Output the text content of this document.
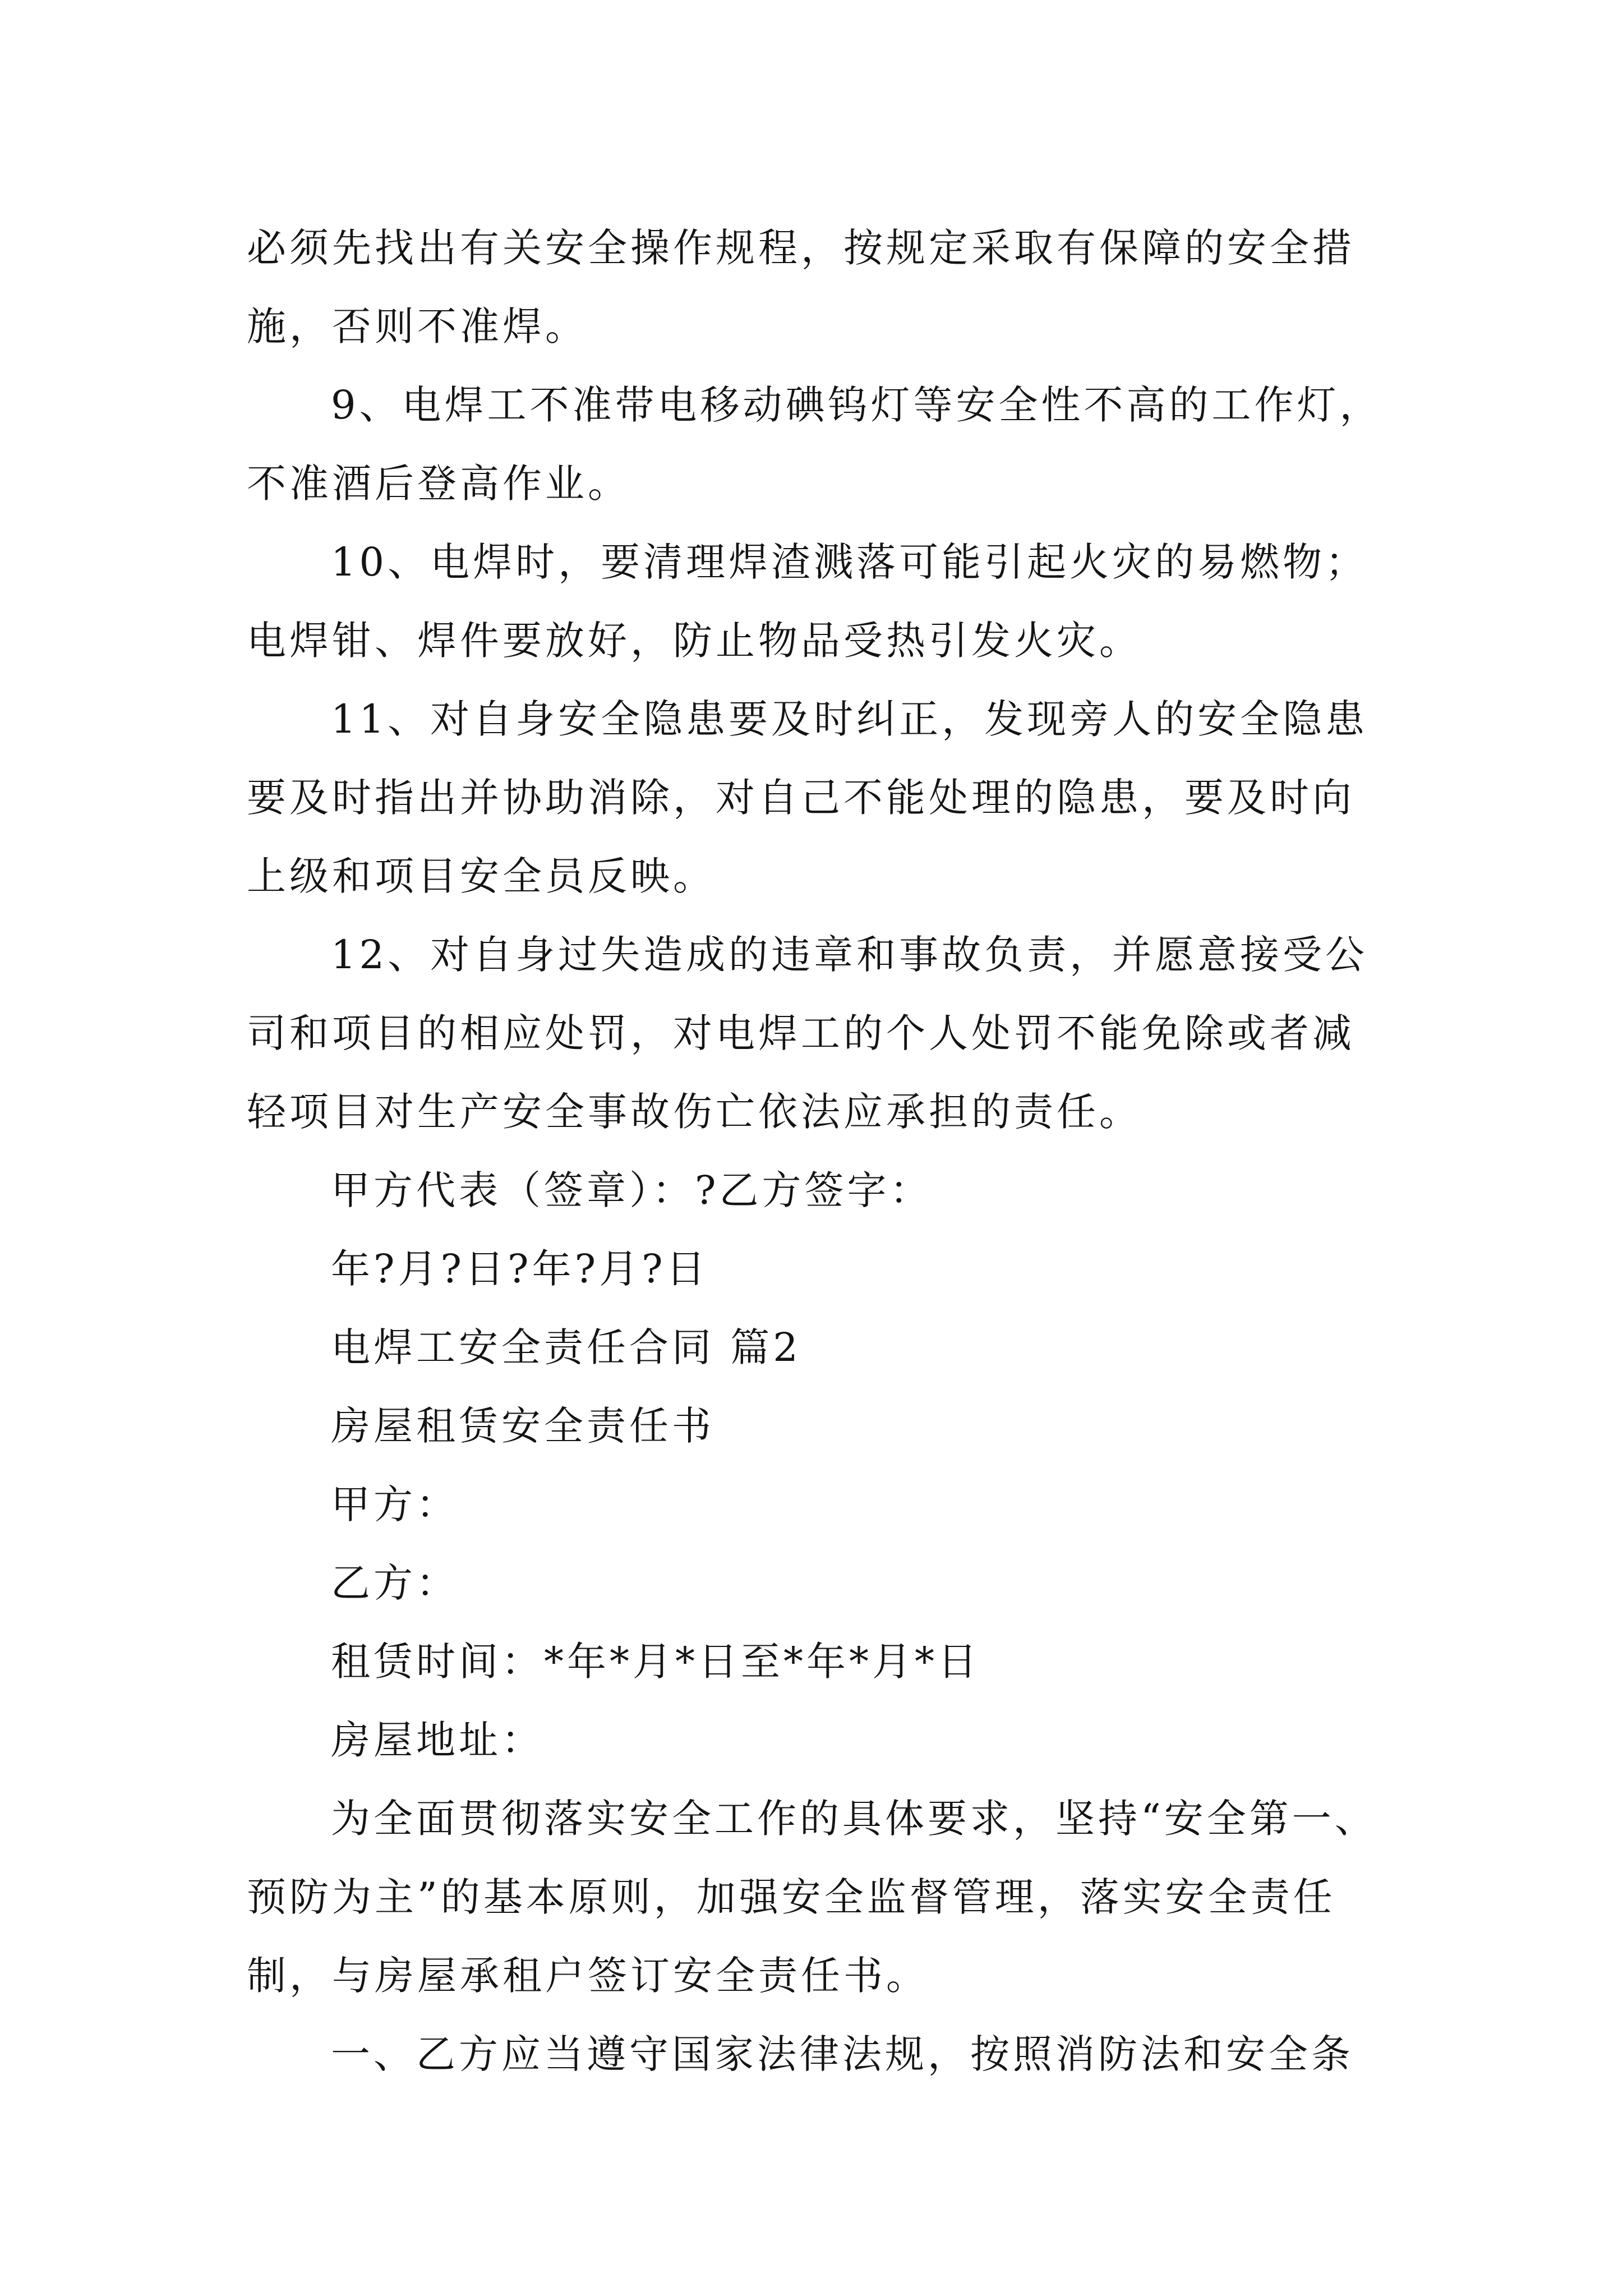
必须先找出有关安全操作规程，按规定采取有保障的安全措
施，否则不准焊。

9、电焊工不准带电移动碘钨灯等安全性不高的工作灯，
不准酒后登高作业。

10、电焊时，要清理焊渣溅落可能引起火灾的易燃物；
电焊钳、焊件要放好，防止物品受热引发火灾。

11、对自身安全隐患要及时纠正，发现旁人的安全隐患
要及时指出并协助消除，对自己不能处理的隐患，要及时向
上级和项目安全员反映。

12、对自身过失造成的违章和事故负责，并愿意接受公
司和项目的相应处罚，对电焊工的个人处罚不能免除或者减
轻项目对生产安全事故伤亡依法应承担的责任。

甲方代表（签章）：?乙方签字：

年?月?日?年?月?日

电焊工安全责任合同 篇2

房屋租赁安全责任书

甲方：

乙方：

租赁时间：*年*月*日至*年*月*日

房屋地址：

为全面贯彻落实安全工作的具体要求，坚持“安全第一、
预防为主”的基本原则，加强安全监督管理，落实安全责任
制，与房屋承租户签订安全责任书。

一、乙方应当遵守国家法律法规，按照消防法和安全条
